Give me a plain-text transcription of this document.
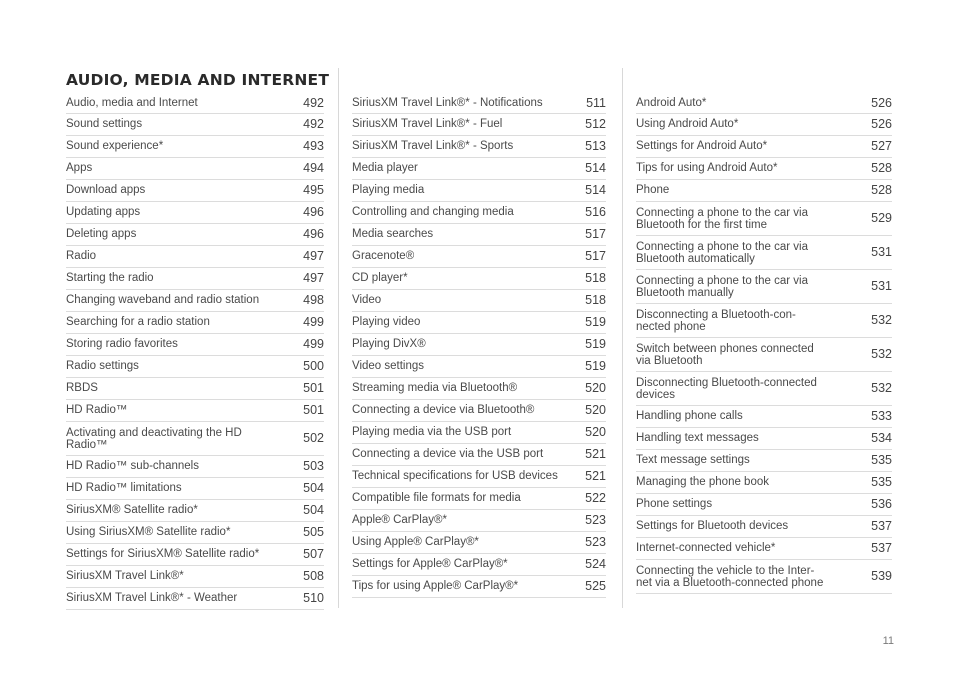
AUDIO, MEDIA AND INTERNET
Audio, media and Internet	492
Sound settings	492
Sound experience*	493
Apps	494
Download apps	495
Updating apps	496
Deleting apps	496
Radio	497
Starting the radio	497
Changing waveband and radio station	498
Searching for a radio station	499
Storing radio favorites	499
Radio settings	500
RBDS	501
HD Radio™	501
Activating and deactivating the HD
Radio™	502
HD Radio™ sub-channels	503
HD Radio™ limitations	504
SiriusXM® Satellite radio*	504
Using SiriusXM® Satellite radio*	505
Settings for SiriusXM® Satellite radio*	507
SiriusXM Travel Link®*	508
SiriusXM Travel Link®* - Weather	510
SiriusXM Travel Link®* - Notifications	511
SiriusXM Travel Link®* - Fuel	512
SiriusXM Travel Link®* - Sports	513
Media player	514
Playing media	514
Controlling and changing media	516
Media searches	517
Gracenote®	517
CD player*	518
Video	518
Playing video	519
Playing DivX®	519
Video settings	519
Streaming media via Bluetooth®	520
Connecting a device via Bluetooth®	520
Playing media via the USB port	520
Connecting a device via the USB port	521
Technical specifications for USB devices	521
Compatible file formats for media	522
Apple® CarPlay®*	523
Using Apple® CarPlay®*	523
Settings for Apple® CarPlay®*	524
Tips for using Apple® CarPlay®*	525
Android Auto*	526
Using Android Auto*	526
Settings for Android Auto*	527
Tips for using Android Auto*	528
Phone	528
Connecting a phone to the car via
Bluetooth for the first time	529
Connecting a phone to the car via
Bluetooth automatically	531
Connecting a phone to the car via
Bluetooth manually	531
Disconnecting a Bluetooth-con-
nected phone	532
Switch between phones connected
via Bluetooth	532
Disconnecting Bluetooth-connected
devices	532
Handling phone calls	533
Handling text messages	534
Text message settings	535
Managing the phone book	535
Phone settings	536
Settings for Bluetooth devices	537
Internet-connected vehicle*	537
Connecting the vehicle to the Inter-
net via a Bluetooth-connected phone	539
11
